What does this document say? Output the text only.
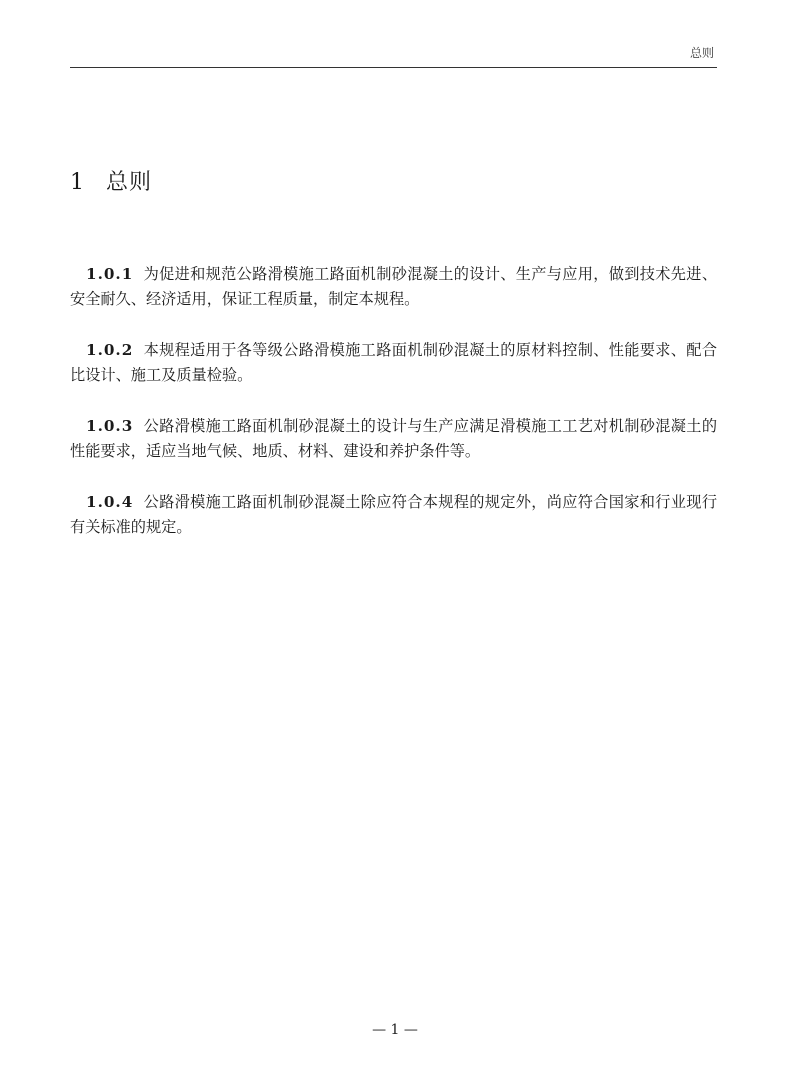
总则
1 总则

1.0.1 为促进和规范公路滑模施工路面机制砂混凝土的设计、生产与应用，做到技术先进、安全耐久、经济适用，保证工程质量，制定本规程。

1.0.2 本规程适用于各等级公路滑模施工路面机制砂混凝土的原材料控制、性能要求、配合比设计、施工及质量检验。

1.0.3 公路滑模施工路面机制砂混凝土的设计与生产应满足滑模施工工艺对机制砂混凝土的性能要求，适应当地气候、地质、材料、建设和养护条件等。

1.0.4 公路滑模施工路面机制砂混凝土除应符合本规程的规定外，尚应符合国家和行业现行有关标准的规定。

— 1 —
